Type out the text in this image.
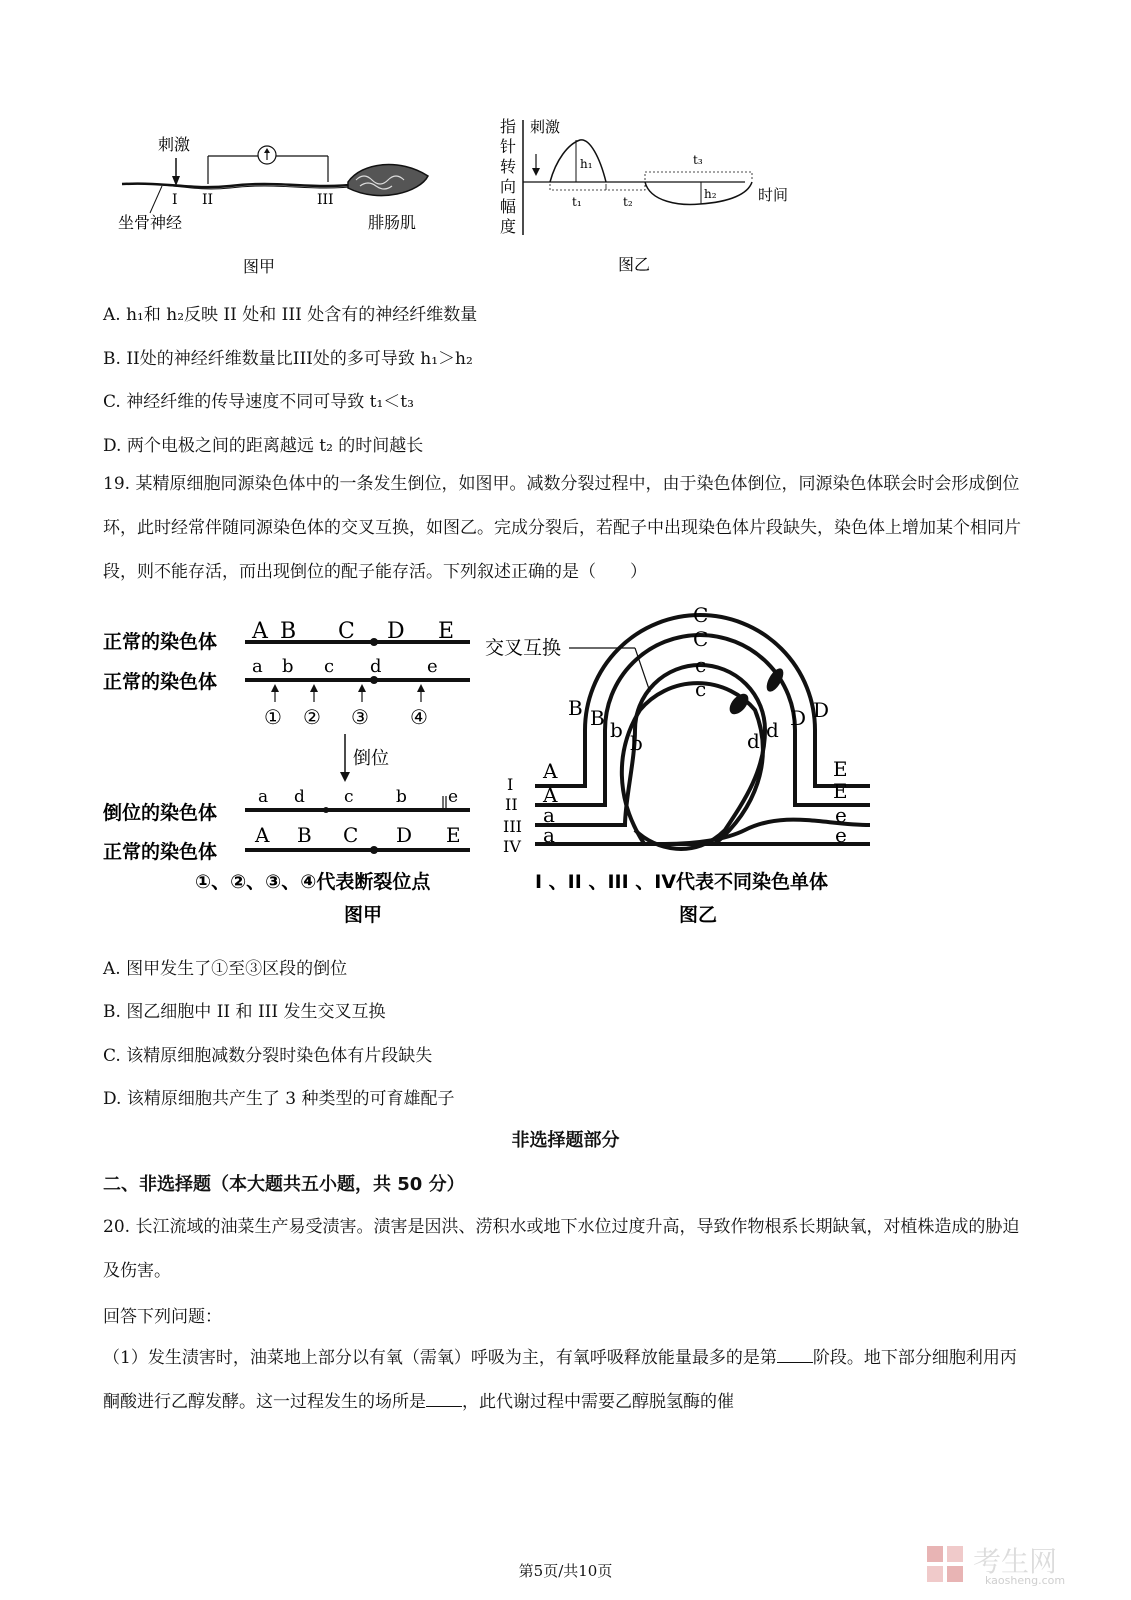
刺激
I II	III
坐骨神经	腓肠肌
图甲
指
针
转
向
幅
度
刺激
h₁
h₂
t₁	t₂
t₃
时间
图乙
A. h₁和 h₂反映 II 处和 III 处含有的神经纤维数量
B. II处的神经纤维数量比III处的多可导致 h₁＞h₂
C. 神经纤维的传导速度不同可导致 t₁＜t₃
D. 两个电极之间的距离越远 t₂ 的时间越长
19. 某精原细胞同源染色体中的一条发生倒位，如图甲。减数分裂过程中，由于染色体倒位，同源染色体联会时会形成倒位环，此时经常伴随同源染色体的交叉互换，如图乙。完成分裂后，若配子中出现染色体片段缺失，染色体上增加某个相同片段，则不能存活，而出现倒位的配子能存活。下列叙述正确的是（　　）
正常的染色体
正常的染色体
倒位的染色体
正常的染色体
A B C D E
a b c d	e
① ② ③ ④
倒位
a d c b e
A B C D E
①、②、③、④代表断裂位点
图甲
C
C
c
c
B B b
b
D
D
d
d
A
A
a
a
E
E
e
e
交叉互换
I
II
III
IV
I 、II 、III 、IV代表不同染色单体
图乙
A. 图甲发生了①至③区段的倒位
B. 图乙细胞中 II 和 III 发生交叉互换
C. 该精原细胞减数分裂时染色体有片段缺失
D. 该精原细胞共产生了 3 种类型的可育雄配子
非选择题部分
二、非选择题（本大题共五小题，共 50 分）
20. 长江流域的油菜生产易受渍害。渍害是因洪、涝积水或地下水位过度升高，导致作物根系长期缺氧，对植株造成的胁迫及伤害。
回答下列问题：
（1）发生渍害时，油菜地上部分以有氧（需氧）呼吸为主，有氧呼吸释放能量最多的是第 阶段。地下部分细胞利用丙酮酸进行乙醇发酵。这一过程发生的场所是 ，此代谢过程中需要乙醇脱氢酶的催
第5页/共10页	考生网
kaosheng.com
